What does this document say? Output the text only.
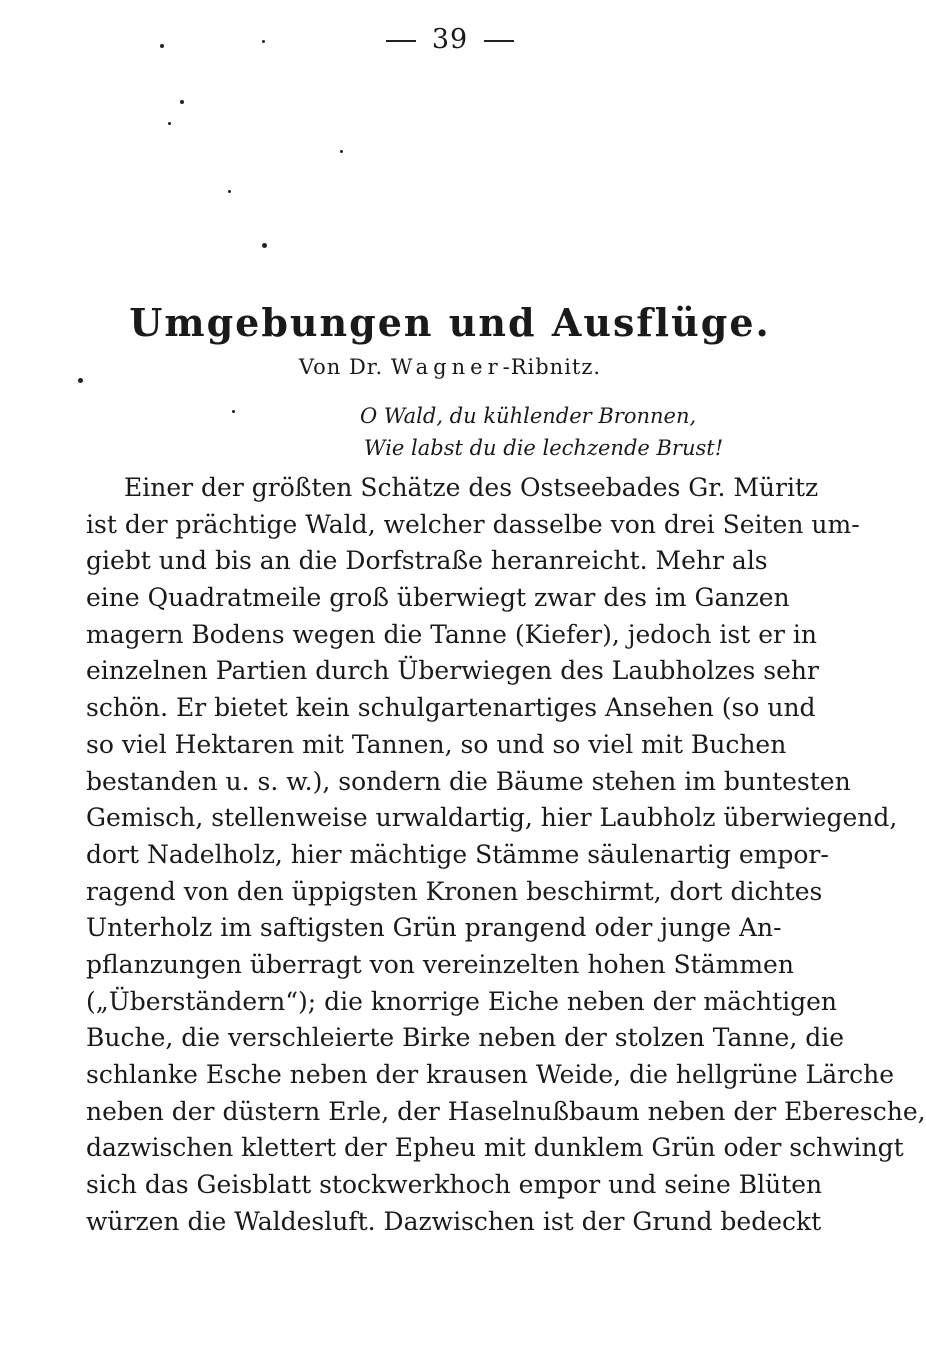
39
Umgebungen und Ausflüge.
Von Dr. Wagner-Ribnitz.
O Wald, du kühlender Bronnen,
Wie labst du die lechzende Brust!
Einer der größten Schätze des Ostseebades Gr. Müritz
ist der prächtige Wald, welcher dasselbe von drei Seiten um-
giebt und bis an die Dorfstraße heranreicht. Mehr als
eine Quadratmeile groß überwiegt zwar des im Ganzen
magern Bodens wegen die Tanne (Kiefer), jedoch ist er in
einzelnen Partien durch Überwiegen des Laubholzes sehr
schön. Er bietet kein schulgartenartiges Ansehen (so und
so viel Hektaren mit Tannen, so und so viel mit Buchen
bestanden u. s. w.), sondern die Bäume stehen im buntesten
Gemisch, stellenweise urwaldartig, hier Laubholz überwiegend,
dort Nadelholz, hier mächtige Stämme säulenartig empor-
ragend von den üppigsten Kronen beschirmt, dort dichtes
Unterholz im saftigsten Grün prangend oder junge An-
pflanzungen überragt von vereinzelten hohen Stämmen
(„Überständern“); die knorrige Eiche neben der mächtigen
Buche, die verschleierte Birke neben der stolzen Tanne, die
schlanke Esche neben der krausen Weide, die hellgrüne Lärche
neben der düstern Erle, der Haselnußbaum neben der Eberesche,
dazwischen klettert der Epheu mit dunklem Grün oder schwingt
sich das Geisblatt stockwerkhoch empor und seine Blüten
würzen die Waldesluft. Dazwischen ist der Grund bedeckt
